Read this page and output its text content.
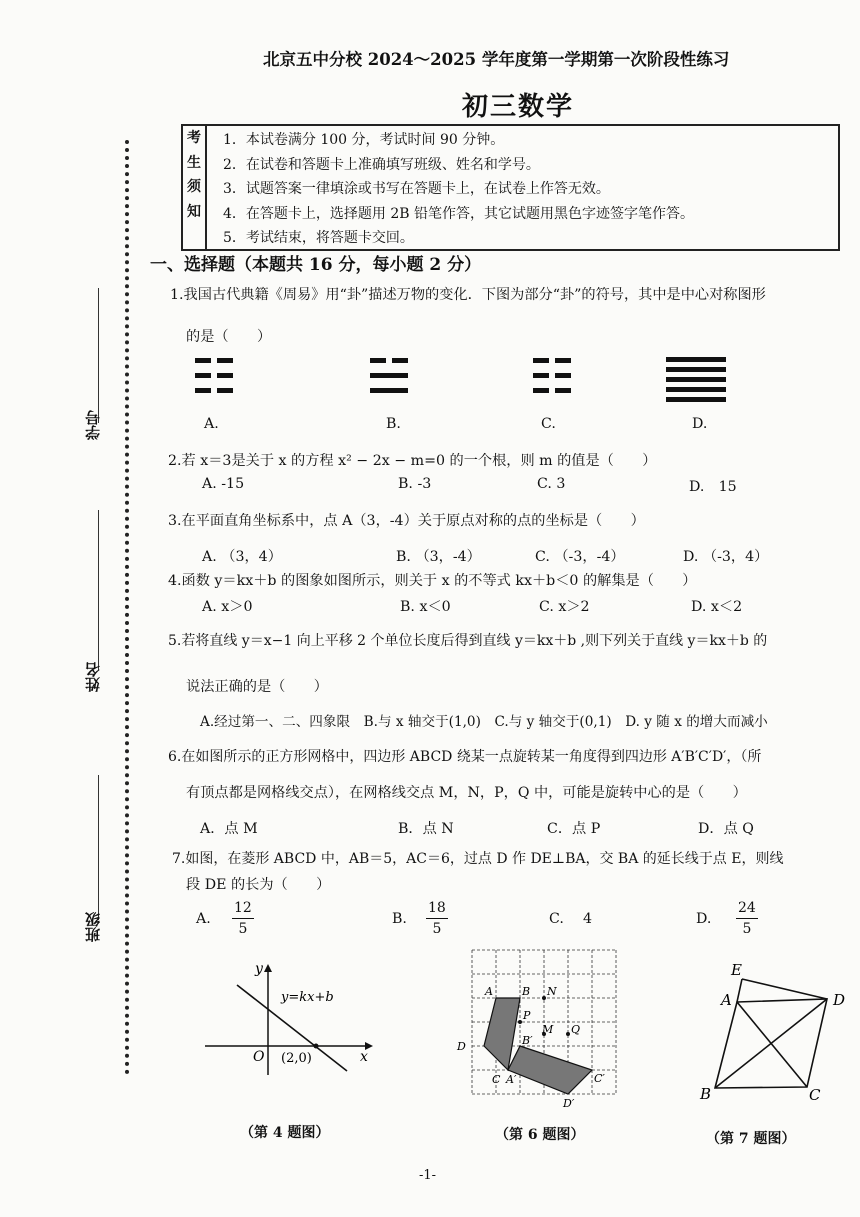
学号
姓名
班级
北京五中分校 2024～2025 学年度第一学期第一次阶段性练习
初三数学
考
生
须
知
1．本试卷满分 100 分，考试时间 90 分钟。
2．在试卷和答题卡上准确填写班级、姓名和学号。
3．试题答案一律填涂或书写在答题卡上，在试卷上作答无效。
4．在答题卡上，选择题用 2B 铅笔作答，其它试题用黑色字迹签字笔作答。
5．考试结束，将答题卡交回。
一、选择题（本题共 16 分，每小题 2 分）
1.我国古代典籍《周易》用“卦”描述万物的变化．下图为部分“卦”的符号，其中是中心对称图形
的是（　　）
A.	B.	C.	D.
2.若 x＝3是关于 x 的方程 x² − 2x − m=0 的一个根，则 m 的值是（　　）
A. -15	B. -3	C. 3	D.　15
3.在平面直角坐标系中，点 A（3，-4）关于原点对称的点的坐标是（　　）
A. （3，4）	B. （3，-4）	C. （-3，-4）	D. （-3，4）
4.函数 y＝kx＋b 的图象如图所示，则关于 x 的不等式 kx＋b＜0 的解集是（　　）
A. x＞0	B. x＜0	C. x＞2	D. x＜2
5.若将直线 y＝x−1 向上平移 2 个单位长度后得到直线 y＝kx＋b ,则下列关于直线 y＝kx＋b 的
说法正确的是（　　）
A.经过第一、二、四象限　B.与 x 轴交于(1,0)　C.与 y 轴交于(0,1)　D. y 随 x 的增大而减小
6.在如图所示的正方形网格中，四边形 ABCD 绕某一点旋转某一角度得到四边形 A′B′C′D′，（所
有顶点都是网格线交点），在网格线交点 M，N，P，Q 中，可能是旋转中心的是（　　）
A．点 M	B．点 N	C．点 P	D．点 Q
7.如图，在菱形 ABCD 中，AB＝5，AC＝6，过点 D 作 DE⊥BA，交 BA 的延长线于点 E，则线
段 DE 的长为（　　）
A. $\frac{12}{5}$	B. $\frac{18}{5}$	C. 4	D. $\frac{24}{5}$
y
x
O (2,0)
y=kx+b
（第 4 题图）
A	B N
P
M Q
D	B′
C A′	C′
D′
（第 6 题图）
E
A	D
B	C
（第 7 题图）
-1-
